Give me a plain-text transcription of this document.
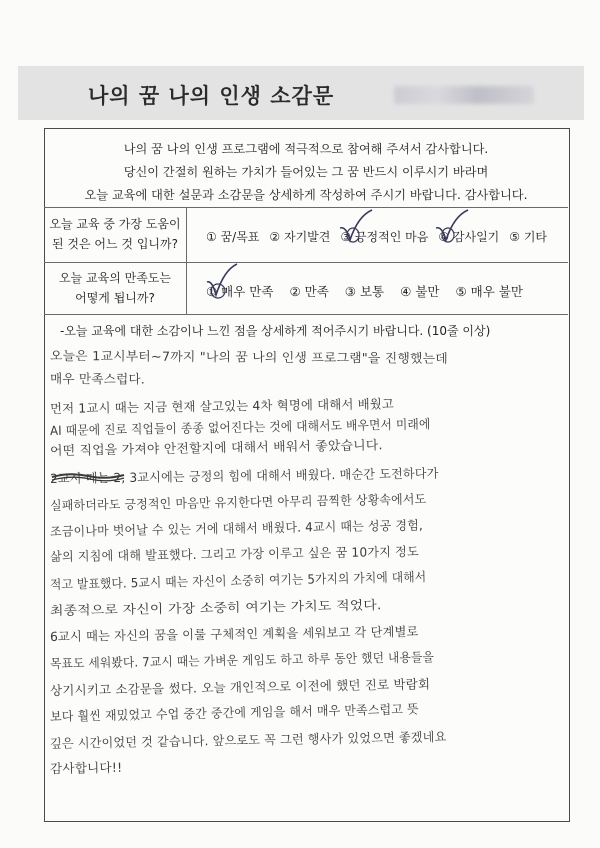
나의 꿈 나의 인생 소감문
나의 꿈 나의 인생 프로그램에 적극적으로 참여해 주셔서 감사합니다.
당신이 간절히 원하는 가치가 들어있는 그 꿈 반드시 이루시기 바라며
오늘 교육에 대한 설문과 소감문을 상세하게 작성하여 주시기 바랍니다. 감사합니다.
오늘 교육 중 가장 도움이
된 것은 어느 것 입니까?	① 꿈/목표 ② 자기발견 ③ 긍정적인 마음 ④ 감사일기 ⑤ 기타
오늘 교육의 만족도는
어떻게 됩니까?	① 매우 만족 ② 만족 ③ 보통 ④ 불만 ⑤ 매우 불만
-오늘 교육에 대한 소감이나 느낀 점을 상세하게 적어주시기 바랍니다. (10줄 이상)
오늘은 1교시부터~7까지 "나의 꿈 나의 인생 프로그램"을 진행했는데
매우 만족스럽다.
먼저 1교시 때는 지금 현재 살고있는 4차 혁명에 대해서 배웠고
AI 때문에 진로 직업들이 종종 없어진다는 것에 대해서도 배우면서 미래에
어떤 직업을 가져야 안전할지에 대해서 배워서 좋았습니다.
2교시 때는 2, 3교시에는 긍정의 힘에 대해서 배웠다. 매순간 도전하다가
실패하더라도 긍정적인 마음만 유지한다면 아무리 끔찍한 상황속에서도
조금이나마 벗어날 수 있는 거에 대해서 배웠다. 4교시 때는 성공 경험,
삶의 지침에 대해 발표했다. 그리고 가장 이루고 싶은 꿈 10가지 정도
적고 발표했다. 5교시 때는 자신이 소중히 여기는 5가지의 가치에 대해서
최종적으로 자신이 가장 소중히 여기는 가치도 적었다.
6교시 때는 자신의 꿈을 이룰 구체적인 계획을 세워보고 각 단계별로
목표도 세워봤다. 7교시 때는 가벼운 게임도 하고 하루 동안 했던 내용들을
상기시키고 소감문을 썼다. 오늘 개인적으로 이전에 했던 진로 박람회
보다 훨씬 재밌었고 수업 중간 중간에 게임을 해서 매우 만족스럽고 뜻
깊은 시간이었던 것 같습니다. 앞으로도 꼭 그런 행사가 있었으면 좋겠네요
감사합니다!!
